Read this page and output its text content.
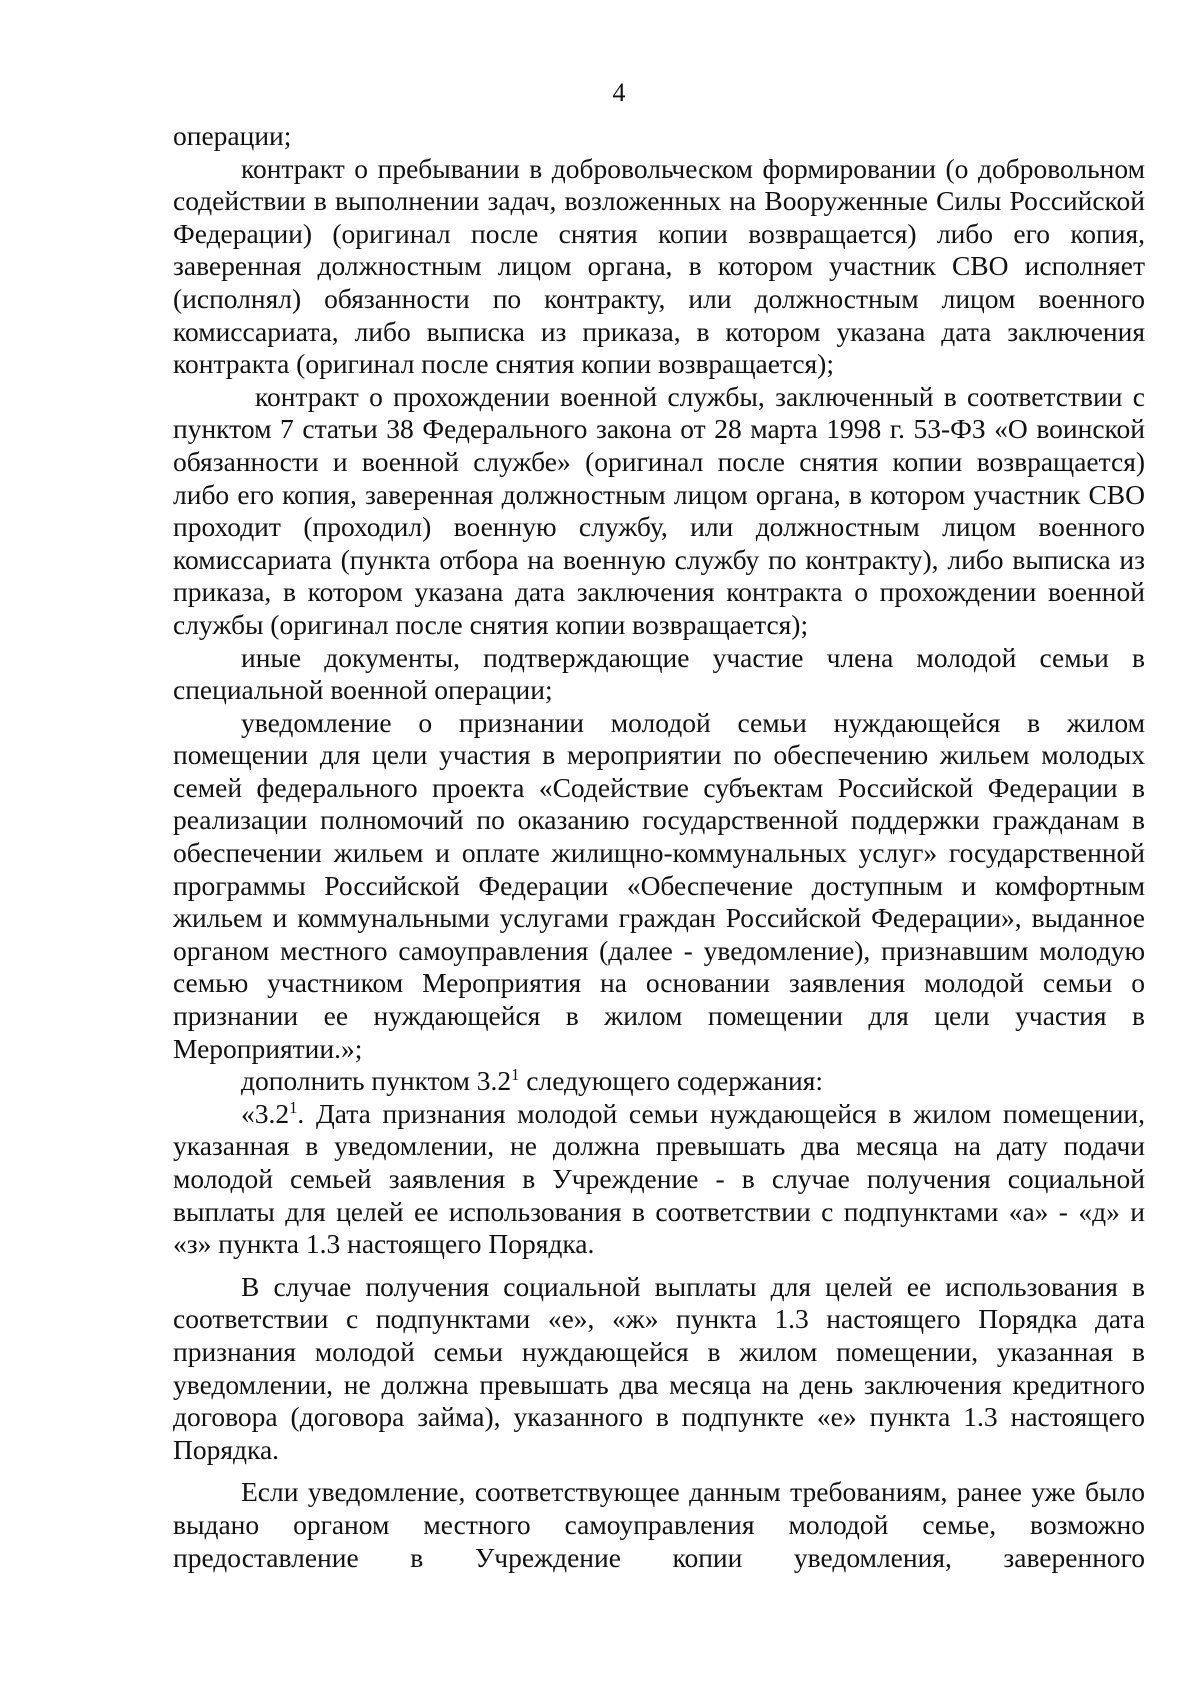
4

операции;

контракт о пребывании в добровольческом формировании (о добровольном содействии в выполнении задач, возложенных на Вооруженные Силы Российской Федерации) (оригинал после снятия копии возвращается) либо его копия, заверенная должностным лицом органа, в котором участник СВО исполняет (исполнял) обязанности по контракту, или должностным лицом военного комиссариата, либо выписка из приказа, в котором указана дата заключения контракта (оригинал после снятия копии возвращается);

контракт о прохождении военной службы, заключенный в соответствии с пунктом 7 статьи 38 Федерального закона от 28 марта 1998 г. 53-ФЗ «О воинской обязанности и военной службе» (оригинал после снятия копии возвращается) либо его копия, заверенная должностным лицом органа, в котором участник СВО проходит (проходил) военную службу, или должностным лицом военного комиссариата (пункта отбора на военную службу по контракту), либо выписка из приказа, в котором указана дата заключения контракта о прохождении военной службы (оригинал после снятия копии возвращается);

иные документы, подтверждающие участие члена молодой семьи в специальной военной операции;

уведомление о признании молодой семьи нуждающейся в жилом помещении для цели участия в мероприятии по обеспечению жильем молодых семей федерального проекта «Содействие субъектам Российской Федерации в реализации полномочий по оказанию государственной поддержки гражданам в обеспечении жильем и оплате жилищно-коммунальных услуг» государственной программы Российской Федерации «Обеспечение доступным и комфортным жильем и коммунальными услугами граждан Российской Федерации», выданное органом местного самоуправления (далее - уведомление), признавшим молодую семью участником Мероприятия на основании заявления молодой семьи о признании ее нуждающейся в жилом помещении для цели участия в Мероприятии.»;

дополнить пунктом $3.2^1$ следующего содержания:

«$3.2^1$. Дата признания молодой семьи нуждающейся в жилом помещении, указанная в уведомлении, не должна превышать два месяца на дату подачи молодой семьей заявления в Учреждение - в случае получения социальной выплаты для целей ее использования в соответствии с подпунктами «а» - «д» и «з» пункта 1.3 настоящего Порядка.

В случае получения социальной выплаты для целей ее использования в соответствии с подпунктами «е», «ж» пункта 1.3 настоящего Порядка дата признания молодой семьи нуждающейся в жилом помещении, указанная в уведомлении, не должна превышать два месяца на день заключения кредитного договора (договора займа), указанного в подпункте «е» пункта 1.3 настоящего Порядка.

Если уведомление, соответствующее данным требованиям, ранее уже было выдано органом местного самоуправления молодой семье, возможно предоставление в Учреждение копии уведомления, заверенного
